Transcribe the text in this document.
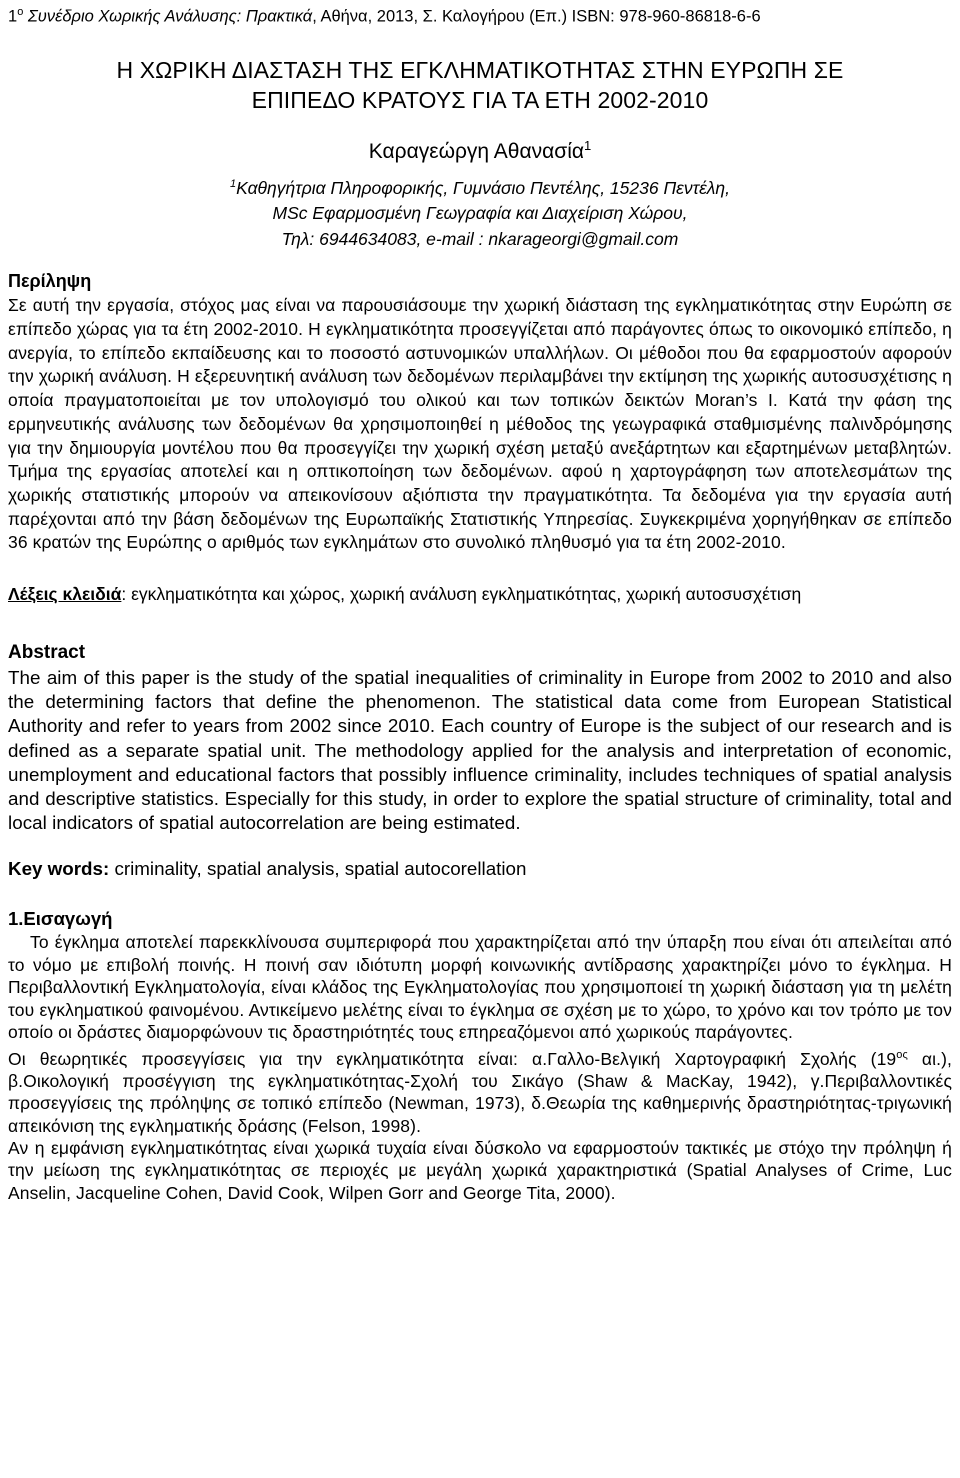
$1^o$ Συνέδριο Χωρικής Ανάλυσης: Πρακτικά, Αθήνα, 2013, Σ. Καλογήρου (Επ.) ISBN: 978-960-86818-6-6
Η ΧΩΡΙΚΗ ΔΙΑΣΤΑΣΗ ΤΗΣ ΕΓΚΛΗΜΑΤΙΚΟΤΗΤΑΣ ΣΤΗΝ ΕΥΡΩΠΗ ΣΕ
ΕΠΙΠΕΔΟ ΚΡΑΤΟΥΣ ΓΙΑ ΤΑ ΕΤΗ 2002-2010
Καραγεώργη Αθανασία$^1$
$^1$Καθηγήτρια Πληροφορικής, Γυμνάσιο Πεντέλης, 15236 Πεντέλη,
MSc Εφαρμοσμένη Γεωγραφία και Διαχείριση Χώρου,
Τηλ: 6944634083, e-mail : nkarageorgi@gmail.com
Περίληψη
Σε αυτή την εργασία, στόχος μας είναι να παρουσιάσουμε την χωρική διάσταση της εγκληματικότητας στην Ευρώπη σε επίπεδο χώρας για τα έτη 2002-2010. Η εγκληματικότητα προσεγγίζεται από παράγοντες όπως το οικονομικό επίπεδο, η ανεργία, το επίπεδο εκπαίδευσης και το ποσοστό αστυνομικών υπαλλήλων. Οι μέθοδοι που θα εφαρμοστούν αφορούν την χωρική ανάλυση. Η εξερευνητική ανάλυση των δεδομένων περιλαμβάνει την εκτίμηση της χωρικής αυτοσυσχέτισης η οποία πραγματοποιείται με τον υπολογισμό του ολικού και των τοπικών δεικτών Moran’s I. Κατά την φάση της ερμηνευτικής ανάλυσης των δεδομένων θα χρησιμοποιηθεί η μέθοδος της γεωγραφικά σταθμισμένης παλινδρόμησης για την δημιουργία μοντέλου που θα προσεγγίζει την χωρική σχέση μεταξύ ανεξάρτητων και εξαρτημένων μεταβλητών. Τμήμα της εργασίας αποτελεί και η οπτικοποίηση των δεδομένων. αφού η χαρτογράφηση των αποτελεσμάτων της χωρικής στατιστικής μπορούν να απεικονίσουν αξιόπιστα την πραγματικότητα. Τα δεδομένα για την εργασία αυτή παρέχονται από την βάση δεδομένων της Ευρωπαϊκής Στατιστικής Υπηρεσίας. Συγκεκριμένα χορηγήθηκαν σε επίπεδο 36 κρατών της Ευρώπης ο αριθμός των εγκλημάτων στο συνολικό πληθυσμό για τα έτη 2002-2010.
Λέξεις κλειδιά: εγκληματικότητα και χώρος, χωρική ανάλυση εγκληματικότητας, χωρική αυτοσυσχέτιση
Abstract
The aim of this paper is the study of the spatial inequalities of criminality in Europe from 2002 to 2010 and also the determining factors that define the phenomenon. The statistical data come from European Statistical Authority and refer to years from 2002 since 2010. Each country of Europe is the subject of our research and is defined as a separate spatial unit. The methodology applied for the analysis and interpretation of economic, unemployment and educational factors that possibly influence criminality, includes techniques of spatial analysis and descriptive statistics. Especially for this study, in order to explore the spatial structure of criminality, total and local indicators of spatial autocorrelation are being estimated.
Key words: criminality, spatial analysis, spatial autocorellation
1.Εισαγωγή

Το έγκλημα αποτελεί παρεκκλίνουσα συμπεριφορά που χαρακτηρίζεται από την ύπαρξη που είναι ότι απειλείται από το νόμο με επιβολή ποινής. Η ποινή σαν ιδιότυπη μορφή κοινωνικής αντίδρασης χαρακτηρίζει μόνο το έγκλημα. Η Περιβαλλοντική Εγκληματολογία, είναι κλάδος της Εγκληματολογίας που χρησιμοποιεί τη χωρική διάσταση για τη μελέτη του εγκληματικού φαινομένου. Αντικείμενο μελέτης είναι το έγκλημα σε σχέση με το χώρο, το χρόνο και τον τρόπο με τον οποίο οι δράστες διαμορφώνουν τις δραστηριότητές τους επηρεαζόμενοι από χωρικούς παράγοντες.

Οι θεωρητικές προσεγγίσεις για την εγκληματικότητα είναι: α.Γαλλο-Βελγική Χαρτογραφική Σχολής ($19^{o\varsigma}$ αι.), β.Οικολογική προσέγγιση της εγκληματικότητας-Σχολή του Σικάγο (Shaw & MacKay, 1942), γ.Περιβαλλοντικές προσεγγίσεις της πρόληψης σε τοπικό επίπεδο (Newman, 1973), δ.Θεωρία της καθημερινής δραστηριότητας-τριγωνική απεικόνιση της εγκληματικής δράσης (Felson, 1998).

Αν η εμφάνιση εγκληματικότητας είναι χωρικά τυχαία είναι δύσκολο να εφαρμοστούν τακτικές με στόχο την πρόληψη ή την μείωση της εγκληματικότητας σε περιοχές με μεγάλη χωρικά χαρακτηριστικά (Spatial Analyses of Crime, Luc Anselin, Jacqueline Cohen, David Cook, Wilpen Gorr and George Tita, 2000).
